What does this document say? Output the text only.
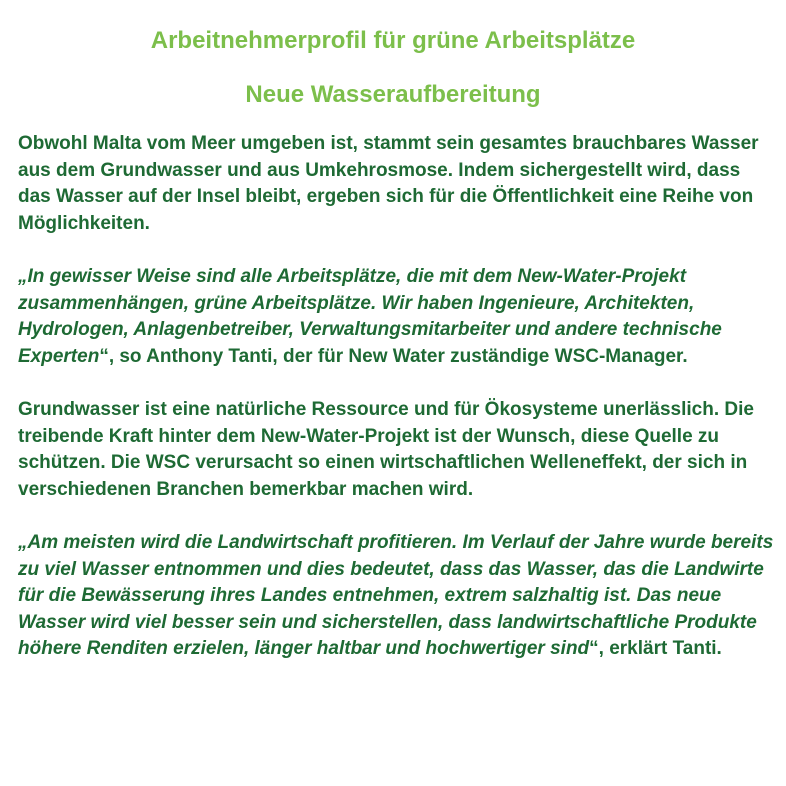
Arbeitnehmerprofil für grüne Arbeitsplätze
Neue Wasseraufbereitung

Obwohl Malta vom Meer umgeben ist, stammt sein gesamtes brauchbares Wasser aus dem Grundwasser und aus Umkehrosmose. Indem sichergestellt wird, dass das Wasser auf der Insel bleibt, ergeben sich für die Öffentlichkeit eine Reihe von Möglichkeiten.

„In gewisser Weise sind alle Arbeitsplätze, die mit dem New-Water-Projekt zusammenhängen, grüne Arbeitsplätze. Wir haben Ingenieure, Architekten, Hydrologen, Anlagenbetreiber, Verwaltungsmitarbeiter und andere technische Experten“, so Anthony Tanti, der für New Water zuständige WSC-Manager.

Grundwasser ist eine natürliche Ressource und für Ökosysteme unerlässlich. Die treibende Kraft hinter dem New-Water-Projekt ist der Wunsch, diese Quelle zu schützen. Die WSC verursacht so einen wirtschaftlichen Welleneffekt, der sich in verschiedenen Branchen bemerkbar machen wird.

„Am meisten wird die Landwirtschaft profitieren. Im Verlauf der Jahre wurde bereits zu viel Wasser entnommen und dies bedeutet, dass das Wasser, das die Landwirte für die Bewässerung ihres Landes entnehmen, extrem salzhaltig ist. Das neue Wasser wird viel besser sein und sicherstellen, dass landwirtschaftliche Produkte höhere Renditen erzielen, länger haltbar und hochwertiger sind“, erklärt Tanti.
